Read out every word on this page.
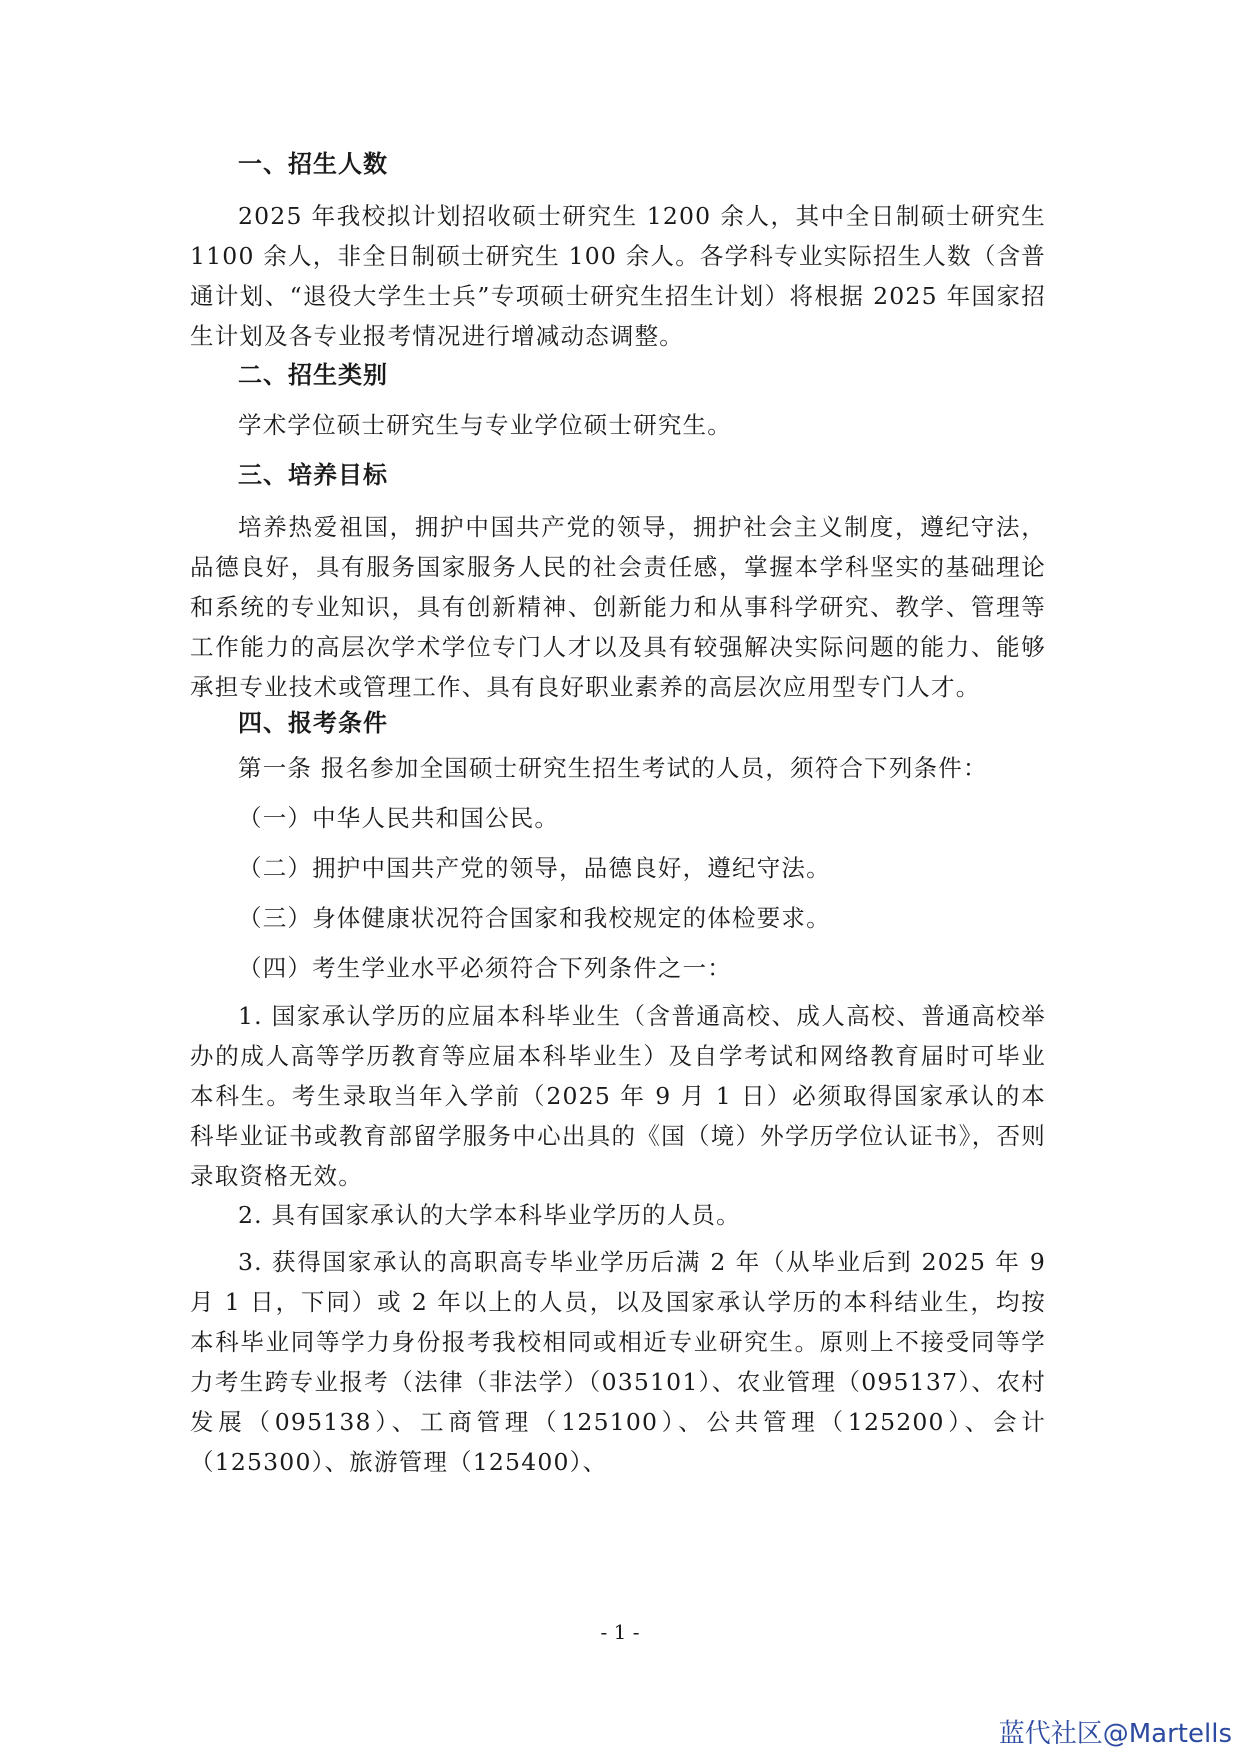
一、招生人数
2025 年我校拟计划招收硕士研究生 1200 余人，其中全日制硕士研究生 1100 余人，非全日制硕士研究生 100 余人。各学科专业实际招生人数（含普通计划、“退役大学生士兵”专项硕士研究生招生计划）将根据 2025 年国家招生计划及各专业报考情况进行增减动态调整。
二、招生类别
学术学位硕士研究生与专业学位硕士研究生。
三、培养目标
培养热爱祖国，拥护中国共产党的领导，拥护社会主义制度，遵纪守法，品德良好，具有服务国家服务人民的社会责任感，掌握本学科坚实的基础理论和系统的专业知识，具有创新精神、创新能力和从事科学研究、教学、管理等工作能力的高层次学术学位专门人才以及具有较强解决实际问题的能力、能够承担专业技术或管理工作、具有良好职业素养的高层次应用型专门人才。
四、报考条件
第一条 报名参加全国硕士研究生招生考试的人员，须符合下列条件：
（一）中华人民共和国公民。
（二）拥护中国共产党的领导，品德良好，遵纪守法。
（三）身体健康状况符合国家和我校规定的体检要求。
（四）考生学业水平必须符合下列条件之一：
1. 国家承认学历的应届本科毕业生（含普通高校、成人高校、普通高校举办的成人高等学历教育等应届本科毕业生）及自学考试和网络教育届时可毕业本科生。考生录取当年入学前（2025 年 9 月 1 日）必须取得国家承认的本科毕业证书或教育部留学服务中心出具的《国（境）外学历学位认证书》，否则录取资格无效。
2. 具有国家承认的大学本科毕业学历的人员。
3. 获得国家承认的高职高专毕业学历后满 2 年（从毕业后到 2025 年 9 月 1 日，下同）或 2 年以上的人员，以及国家承认学历的本科结业生，均按本科毕业同等学力身份报考我校相同或相近专业研究生。原则上不接受同等学力考生跨专业报考（法律（非法学）（035101）、农业管理（095137）、农村发展（095138）、工商管理（125100）、公共管理（125200）、会计（125300）、旅游管理（125400）、
- 1 -
蓝代社区@Martells
